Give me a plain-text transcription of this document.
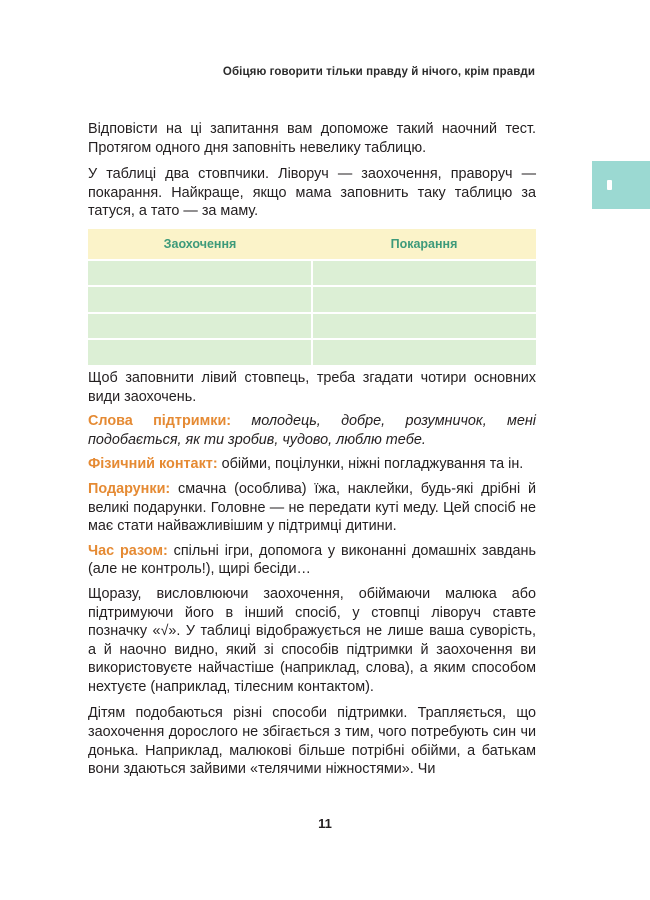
Обіцяю говорити тільки правду й нічого, крім правди

Відповісти на ці запитання вам допоможе такий наочний тест. Протягом одного дня заповніть невелику таблицю.

У таблиці два стовпчики. Ліворуч — заохочення, праворуч — покарання. Найкраще, якщо мама заповнить таку таблицю за татуся, а тато — за маму.

Заохочення	Покарання

Щоб заповнити лівий стовпець, треба згадати чотири основних види заохочень.

Слова підтримки: молодець, добре, розумничок, мені подобається, як ти зробив, чудово, люблю тебе.

Фізичний контакт: обійми, поцілунки, ніжні погладжування та ін.

Подарунки: смачна (особлива) їжа, наклейки, будь-які дрібні й великі подарунки. Головне — не передати куті меду. Цей спосіб не має стати найважливішим у підтримці дитини.

Час разом: спільні ігри, допомога у виконанні домашніх завдань (але не контроль!), щирі бесіди…

Щоразу, висловлюючи заохочення, обіймаючи малюка або підтримуючи його в інший спосіб, у стовпці ліворуч ставте позначку «√». У таблиці відображується не лише ваша суворість, а й наочно видно, який зі способів підтримки й заохочення ви використовуєте найчастіше (наприклад, слова), а яким способом нехтуєте (наприклад, тілесним контактом).

Дітям подобаються різні способи підтримки. Трапляється, що заохочення дорослого не збігається з тим, чого потребують син чи донька. Наприклад, малюкові більше потрібні обійми, а батькам вони здаються зайвими «телячими ніжностями». Чи

11
